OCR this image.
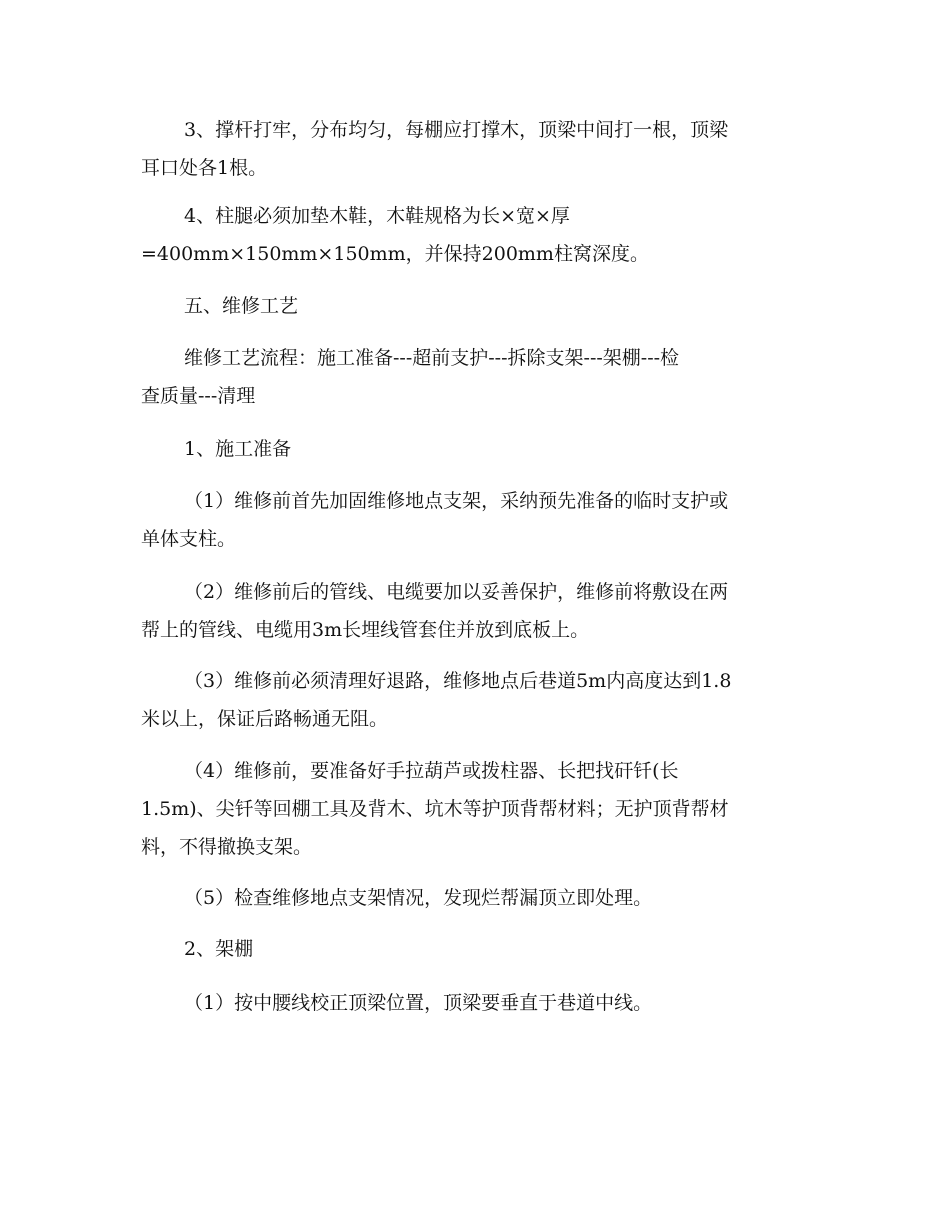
3、撑杆打牢，分布均匀，每棚应打撑木，顶梁中间打一根，顶梁
耳口处各1根。

4、柱腿必须加垫木鞋，木鞋规格为长×宽×厚
=400mm×150mm×150mm，并保持200mm柱窝深度。

五、维修工艺

维修工艺流程：施工准备---超前支护---拆除支架---架棚---检
查质量---清理

1、施工准备

（1）维修前首先加固维修地点支架，采纳预先准备的临时支护或
单体支柱。

（2）维修前后的管线、电缆要加以妥善保护，维修前将敷设在两
帮上的管线、电缆用3m长埋线管套住并放到底板上。

（3）维修前必须清理好退路，维修地点后巷道5m内高度达到1.8
米以上，保证后路畅通无阻。

（4）维修前，要准备好手拉葫芦或拨柱器、长把找矸钎(长
1.5m)、尖钎等回棚工具及背木、坑木等护顶背帮材料；无护顶背帮材
料，不得撤换支架。

（5）检查维修地点支架情况，发现烂帮漏顶立即处理。

2、架棚

（1）按中腰线校正顶梁位置，顶梁要垂直于巷道中线。
